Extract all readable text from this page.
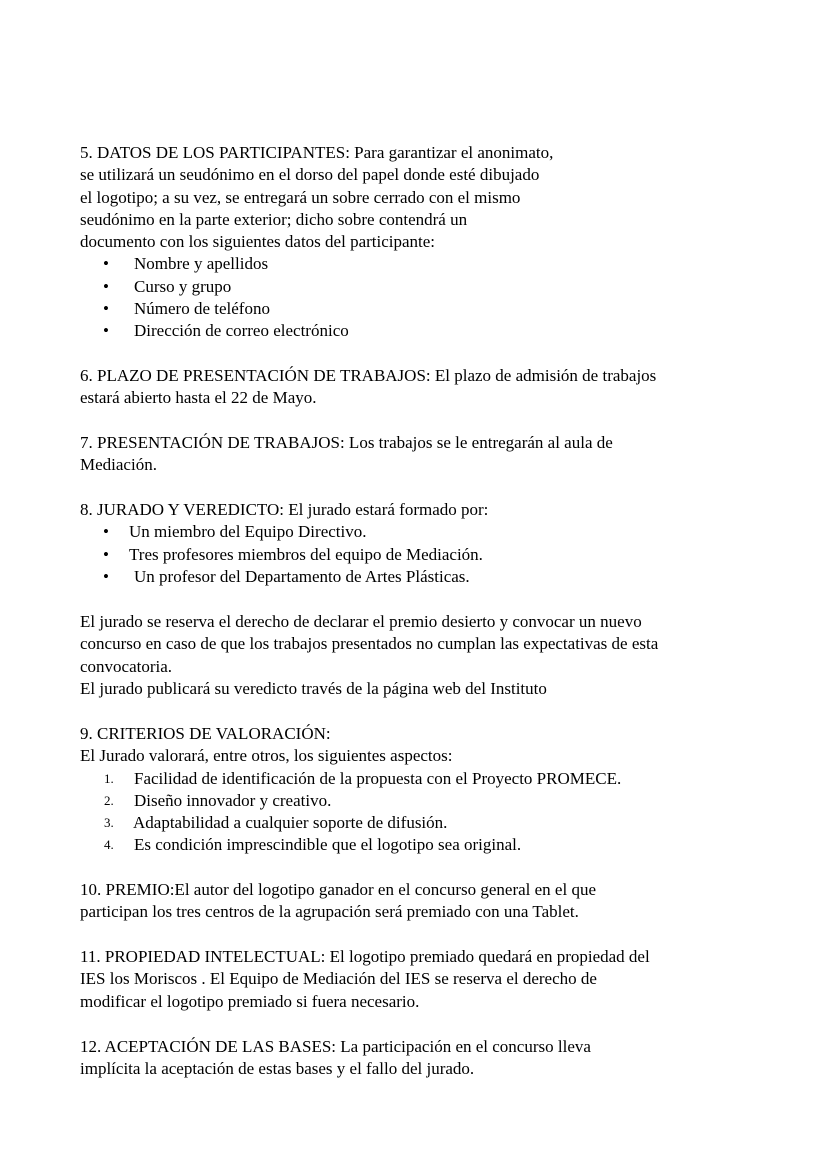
5. DATOS DE LOS PARTICIPANTES: Para garantizar el anonimato,
se utilizará un seudónimo en el dorso del papel donde esté dibujado
el logotipo; a su vez, se entregará un sobre cerrado con el mismo
seudónimo en la parte exterior; dicho sobre contendrá un
documento con los siguientes datos del participante:
• Nombre y apellidos
• Curso y grupo
• Número de teléfono
• Dirección de correo electrónico
6. PLAZO DE PRESENTACIÓN DE TRABAJOS: El plazo de admisión de trabajos
estará abierto hasta el 22 de Mayo.
7. PRESENTACIÓN DE TRABAJOS: Los trabajos se le entregarán al aula de
Mediación.
8. JURADO Y VEREDICTO: El jurado estará formado por:
• Un miembro del Equipo Directivo.
• Tres profesores miembros del equipo de Mediación.
• Un profesor del Departamento de Artes Plásticas.
El jurado se reserva el derecho de declarar el premio desierto y convocar un nuevo
concurso en caso de que los trabajos presentados no cumplan las expectativas de esta
convocatoria.
El jurado publicará su veredicto través de la página web del Instituto
9. CRITERIOS DE VALORACIÓN:
El Jurado valorará, entre otros, los siguientes aspectos:
1. Facilidad de identificación de la propuesta con el Proyecto PROMECE.
2. Diseño innovador y creativo.
3. Adaptabilidad a cualquier soporte de difusión.
4. Es condición imprescindible que el logotipo sea original.
10. PREMIO:El autor del logotipo ganador en el concurso general en el que
participan los tres centros de la agrupación será premiado con una Tablet.
11. PROPIEDAD INTELECTUAL: El logotipo premiado quedará en propiedad del
IES los Moriscos . El Equipo de Mediación del IES se reserva el derecho de
modificar el logotipo premiado si fuera necesario.
12. ACEPTACIÓN DE LAS BASES: La participación en el concurso lleva
implícita la aceptación de estas bases y el fallo del jurado.
